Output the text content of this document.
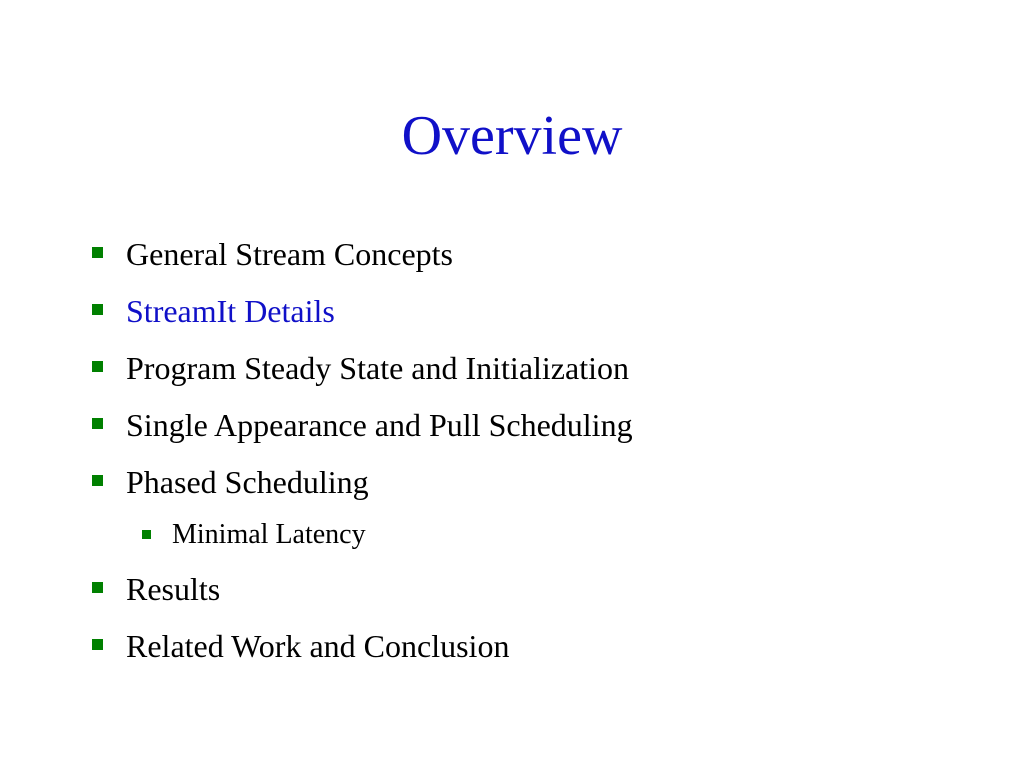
Overview
General Stream Concepts
StreamIt Details
Program Steady State and Initialization
Single Appearance and Pull Scheduling
Phased Scheduling
Minimal Latency
Results
Related Work and Conclusion
